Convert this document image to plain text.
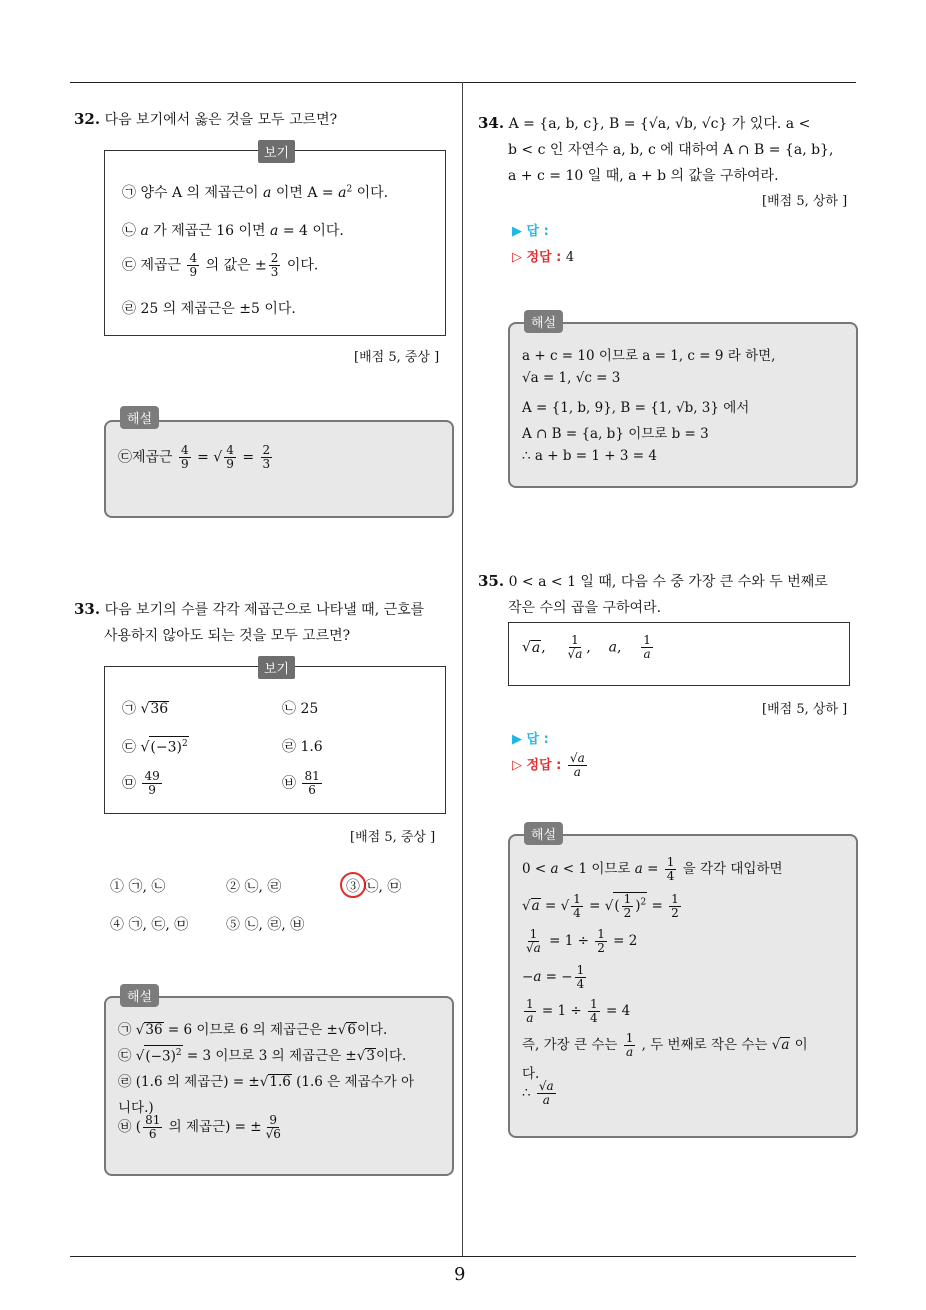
9
32. 다음 보기에서 옳은 것을 모두 고르면?
보기
㉠ 양수 A 의 제곱근이 a 이면 $A = a^2$ 이다.
㉡ a 가 제곱근 16 이면 a = 4 이다.
㉢ 제곱근 $\frac{4}{9}$ 의 값은 ± $\frac{2}{3}$ 이다.
㉣ 25 의 제곱근은 ±5 이다.
[배점 5, 중상 ]
해설
㉢제곱근 $\frac{4}{9}$ = √ $\frac{4}{9} = \frac{2}{3}$
33. 다음 보기의 수를 각각 제곱근으로 나타낼 때, 근호를
사용하지 않아도 되는 것을 모두 고르면?
보기
㉠ √36	㉡ 25
㉢ $√(-3)^2$	㉣ 1.6
㉤ $\frac{49}{9}$	㉥ $\frac{81}{6}$
[배점 5, 중상 ]
① ㉠, ㉡	② ㉡, ㉣	③ ㉡, ㉤
④ ㉠, ㉢, ㉤	⑤ ㉡, ㉣, ㉥
해설
㉠ √36 = 6 이므로 6 의 제곱근은 ±√6이다.
㉢ $√(-3)^2 = 3$ 이므로 3 의 제곱근은 ±√3이다.
㉣ (1.6 의 제곱근) = ±√1.6 (1.6 은 제곱수가 아
니다.)
㉥ ( $\frac{81}{6}$ 의 제곱근) = ± $\frac{9}{√6}$
34. A = {a, b, c}, B = {√a, √b, √c} 가 있다. a <
b < c 인 자연수 a, b, c 에 대하여 A ∩ B = {a, b},
a + c = 10 일 때, a + b 의 값을 구하여라.
[배점 5, 상하 ]
▶ 답 :
▷ 정답 : 4
해설
a + c = 10 이므로 a = 1, c = 9 라 하면,
√a = 1, √c = 3
A = {1, b, 9}, B = {1, √b, 3} 에서
A ∩ B = {a, b} 이므로 b = 3
∴ a + b = 1 + 3 = 4
35. 0 < a < 1 일 때, 다음 수 중 가장 큰 수와 두 번째로
작은 수의 곱을 구하여라.
√a, $\frac{1}{√a}$ ,    a, $\frac{1}{a}$
[배점 5, 상하 ]
▶ 답 :
▷ 정답 : $\frac{√a}{a}$
해설
0 < a < 1 이므로 $a = \frac{1}{4}$ 을 각각 대입하면
√a = √ $\frac{1}{4}$ = √( $\frac{1}{2} )^2 = \frac{1}{2}$
$\frac{1}{√a} = 1 \div \frac{1}{2} = 2$
−a = − $\frac{1}{4}$
$\frac{1}{a} = 1 \div \frac{1}{4} = 4$
즉, 가장 큰 수는 $\frac{1}{a}$ , 두 번째로 작은 수는 √a 이
다.
∴ $\frac{√a}{a}$
